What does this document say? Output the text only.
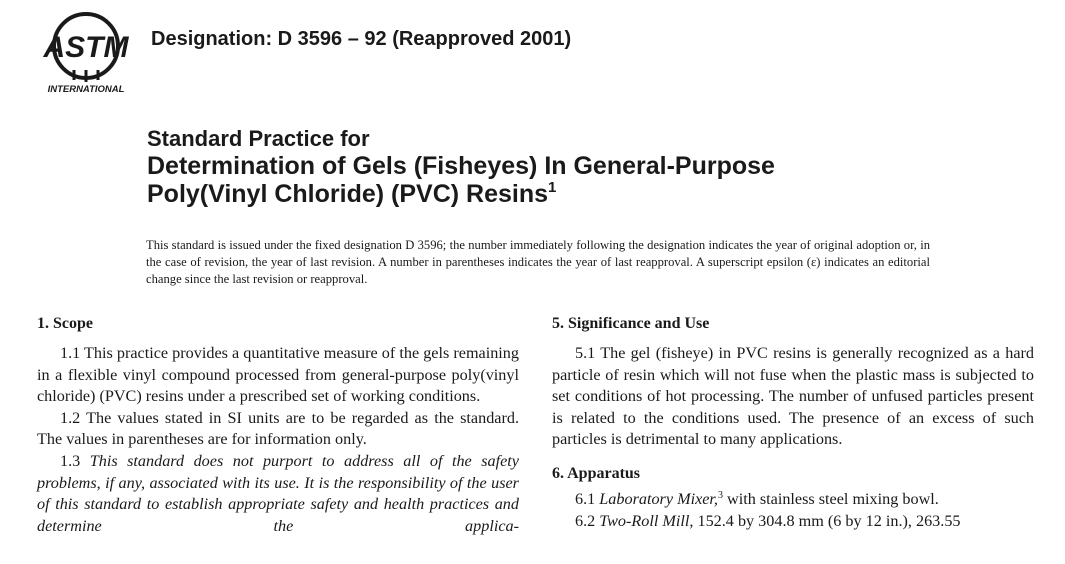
ASTM
INTERNATIONAL
Designation: D 3596 – 92 (Reapproved 2001)
Standard Practice for
Determination of Gels (Fisheyes) In General-Purpose
Poly(Vinyl Chloride) (PVC) Resins$^1$
This standard is issued under the fixed designation D 3596; the number immediately following the designation indicates the year of original adoption or, in the case of revision, the year of last revision. A number in parentheses indicates the year of last reapproval. A superscript epsilon (ε) indicates an editorial change since the last revision or reapproval.
1. Scope
1.1 This practice provides a quantitative measure of the gels remaining in a flexible vinyl compound processed from general-purpose poly(vinyl chloride) (PVC) resins under a prescribed set of working conditions.
1.2 The values stated in SI units are to be regarded as the standard. The values in parentheses are for information only.
1.3 This standard does not purport to address all of the safety problems, if any, associated with its use. It is the responsibility of the user of this standard to establish appropriate safety and health practices and determine the applica-
5. Significance and Use
5.1 The gel (fisheye) in PVC resins is generally recognized as a hard particle of resin which will not fuse when the plastic mass is subjected to set conditions of hot processing. The number of unfused particles present is related to the conditions used. The presence of an excess of such particles is detrimental to many applications.
6. Apparatus
6.1 Laboratory Mixer,$^3$ with stainless steel mixing bowl.
6.2 Two-Roll Mill, 152.4 by 304.8 mm (6 by 12 in.), 263.55
